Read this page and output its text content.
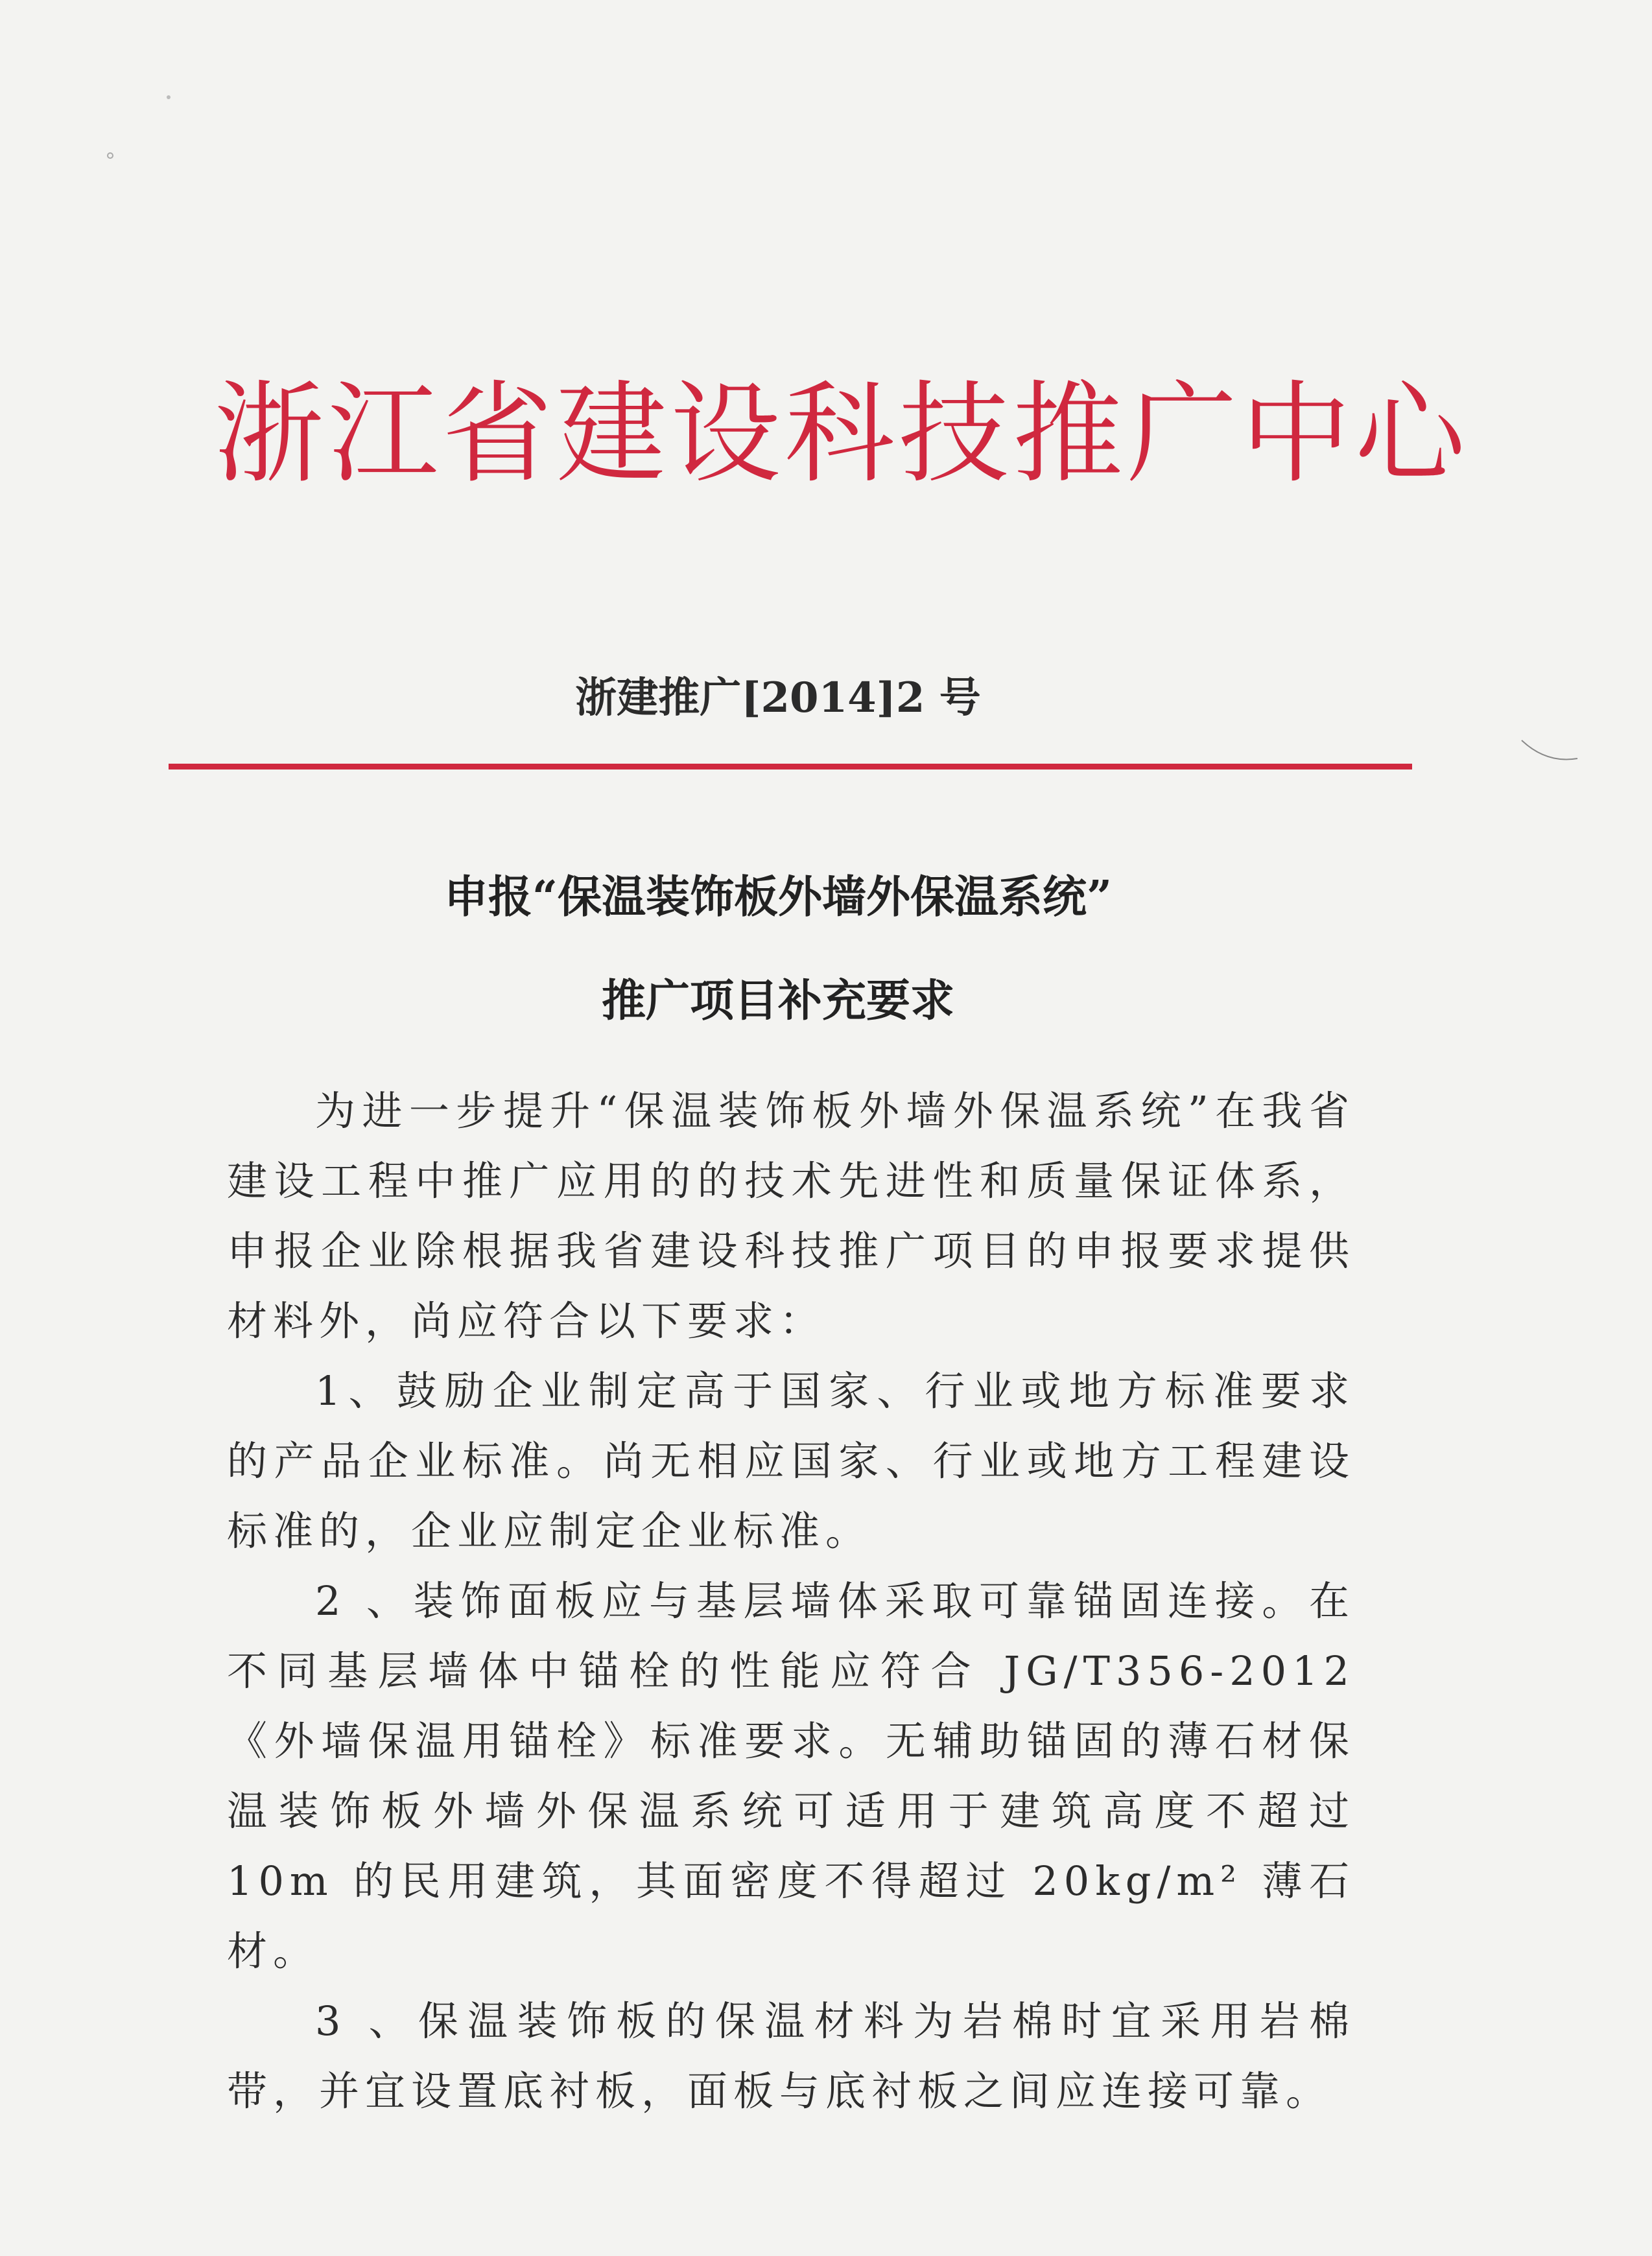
浙江省建设科技推广中心
浙建推广[2014]2 号
申报“保温装饰板外墙外保温系统”
推广项目补充要求

为进一步提升“保温装饰板外墙外保温系统”在我省建设工程中推广应用的的技术先进性和质量保证体系，申报企业除根据我省建设科技推广项目的申报要求提供材料外，尚应符合以下要求：

1、鼓励企业制定高于国家、行业或地方标准要求的产品企业标准。尚无相应国家、行业或地方工程建设标准的，企业应制定企业标准。

2 、装饰面板应与基层墙体采取可靠锚固连接。在不同基层墙体中锚栓的性能应符合 JG/T356-2012《外墙保温用锚栓》标准要求。无辅助锚固的薄石材保温装饰板外墙外保温系统可适用于建筑高度不超过 10m 的民用建筑，其面密度不得超过 20kg/m² 薄石材。

3 、保温装饰板的保温材料为岩棉时宜采用岩棉带，并宜设置底衬板，面板与底衬板之间应连接可靠。
